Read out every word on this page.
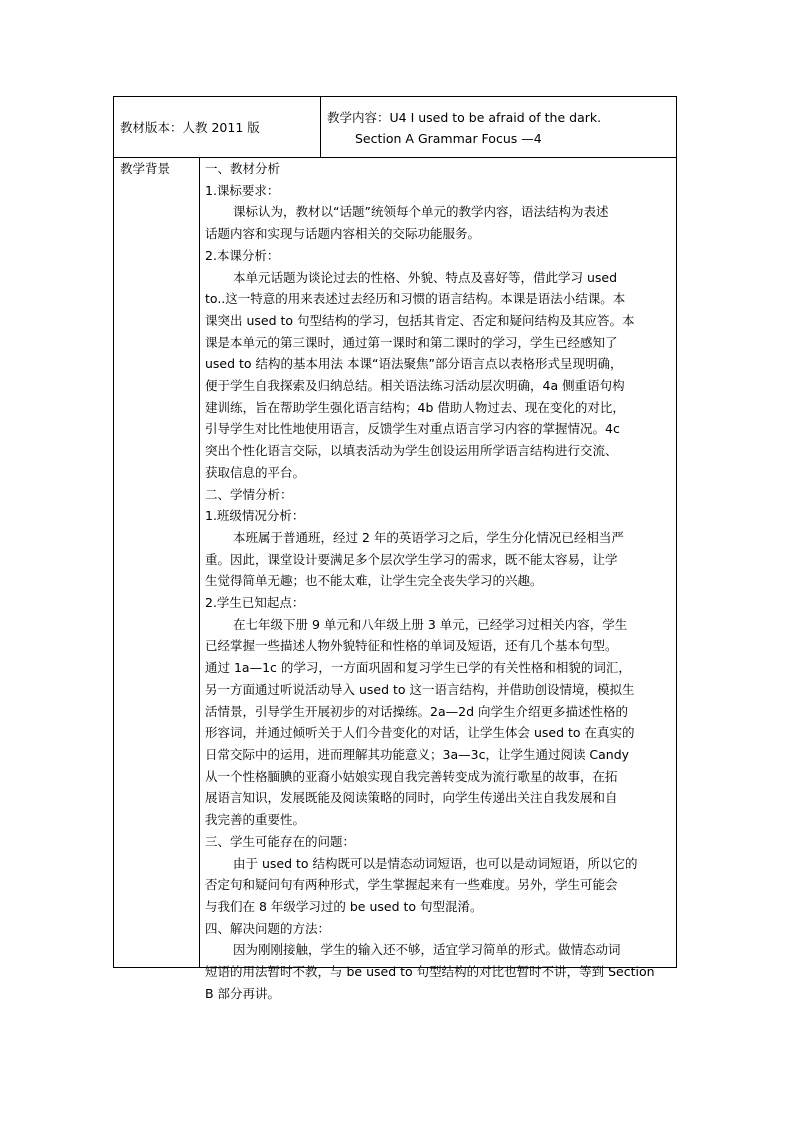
教材版本：人教 2011 版
教学内容：U4 I used to be afraid of the dark.
Section A Grammar Focus —4
教学背景	一、教材分析
1.课标要求：
课标认为，教材以“话题”统领每个单元的教学内容，语法结构为表述
话题内容和实现与话题内容相关的交际功能服务。
2.本课分析：
本单元话题为谈论过去的性格、外貌、特点及喜好等，借此学习 used
to..这一特意的用来表述过去经历和习惯的语言结构。本课是语法小结课。本
课突出 used to 句型结构的学习，包括其肯定、否定和疑问结构及其应答。本
课是本单元的第三课时，通过第一课时和第二课时的学习，学生已经感知了
used to 结构的基本用法 本课“语法聚焦”部分语言点以表格形式呈现明确，
便于学生自我探索及归纳总结。相关语法练习活动层次明确，4a 侧重语句构
建训练，旨在帮助学生强化语言结构；4b 借助人物过去、现在变化的对比，
引导学生对比性地使用语言，反馈学生对重点语言学习内容的掌握情况。4c
突出个性化语言交际，以填表活动为学生创设运用所学语言结构进行交流、
获取信息的平台。
二、学情分析：
1.班级情况分析：
本班属于普通班，经过 2 年的英语学习之后，学生分化情况已经相当严
重。因此，课堂设计要满足多个层次学生学习的需求，既不能太容易，让学
生觉得简单无趣；也不能太难，让学生完全丧失学习的兴趣。
2.学生已知起点：
在七年级下册 9 单元和八年级上册 3 单元，已经学习过相关内容，学生
已经掌握一些描述人物外貌特征和性格的单词及短语，还有几个基本句型。
通过 1a—1c 的学习，一方面巩固和复习学生已学的有关性格和相貌的词汇，
另一方面通过听说活动导入 used to 这一语言结构，并借助创设情境，模拟生
活情景，引导学生开展初步的对话操练。2a—2d 向学生介绍更多描述性格的
形容词，并通过倾听关于人们今昔变化的对话，让学生体会 used to 在真实的
日常交际中的运用，进而理解其功能意义；3a—3c，让学生通过阅读 Candy
从一个性格腼腆的亚裔小姑娘实现自我完善转变成为流行歌星的故事，在拓
展语言知识，发展既能及阅读策略的同时，向学生传递出关注自我发展和自
我完善的重要性。
三、学生可能存在的问题：
由于 used to 结构既可以是情态动词短语，也可以是动词短语，所以它的
否定句和疑问句有两种形式，学生掌握起来有一些难度。另外，学生可能会
与我们在 8 年级学习过的 be used to 句型混淆。
四、解决问题的方法：
因为刚刚接触，学生的输入还不够，适宜学习简单的形式。做情态动词
短语的用法暂时不教，与 be used to 句型结构的对比也暂时不讲，等到 Section
B 部分再讲。
